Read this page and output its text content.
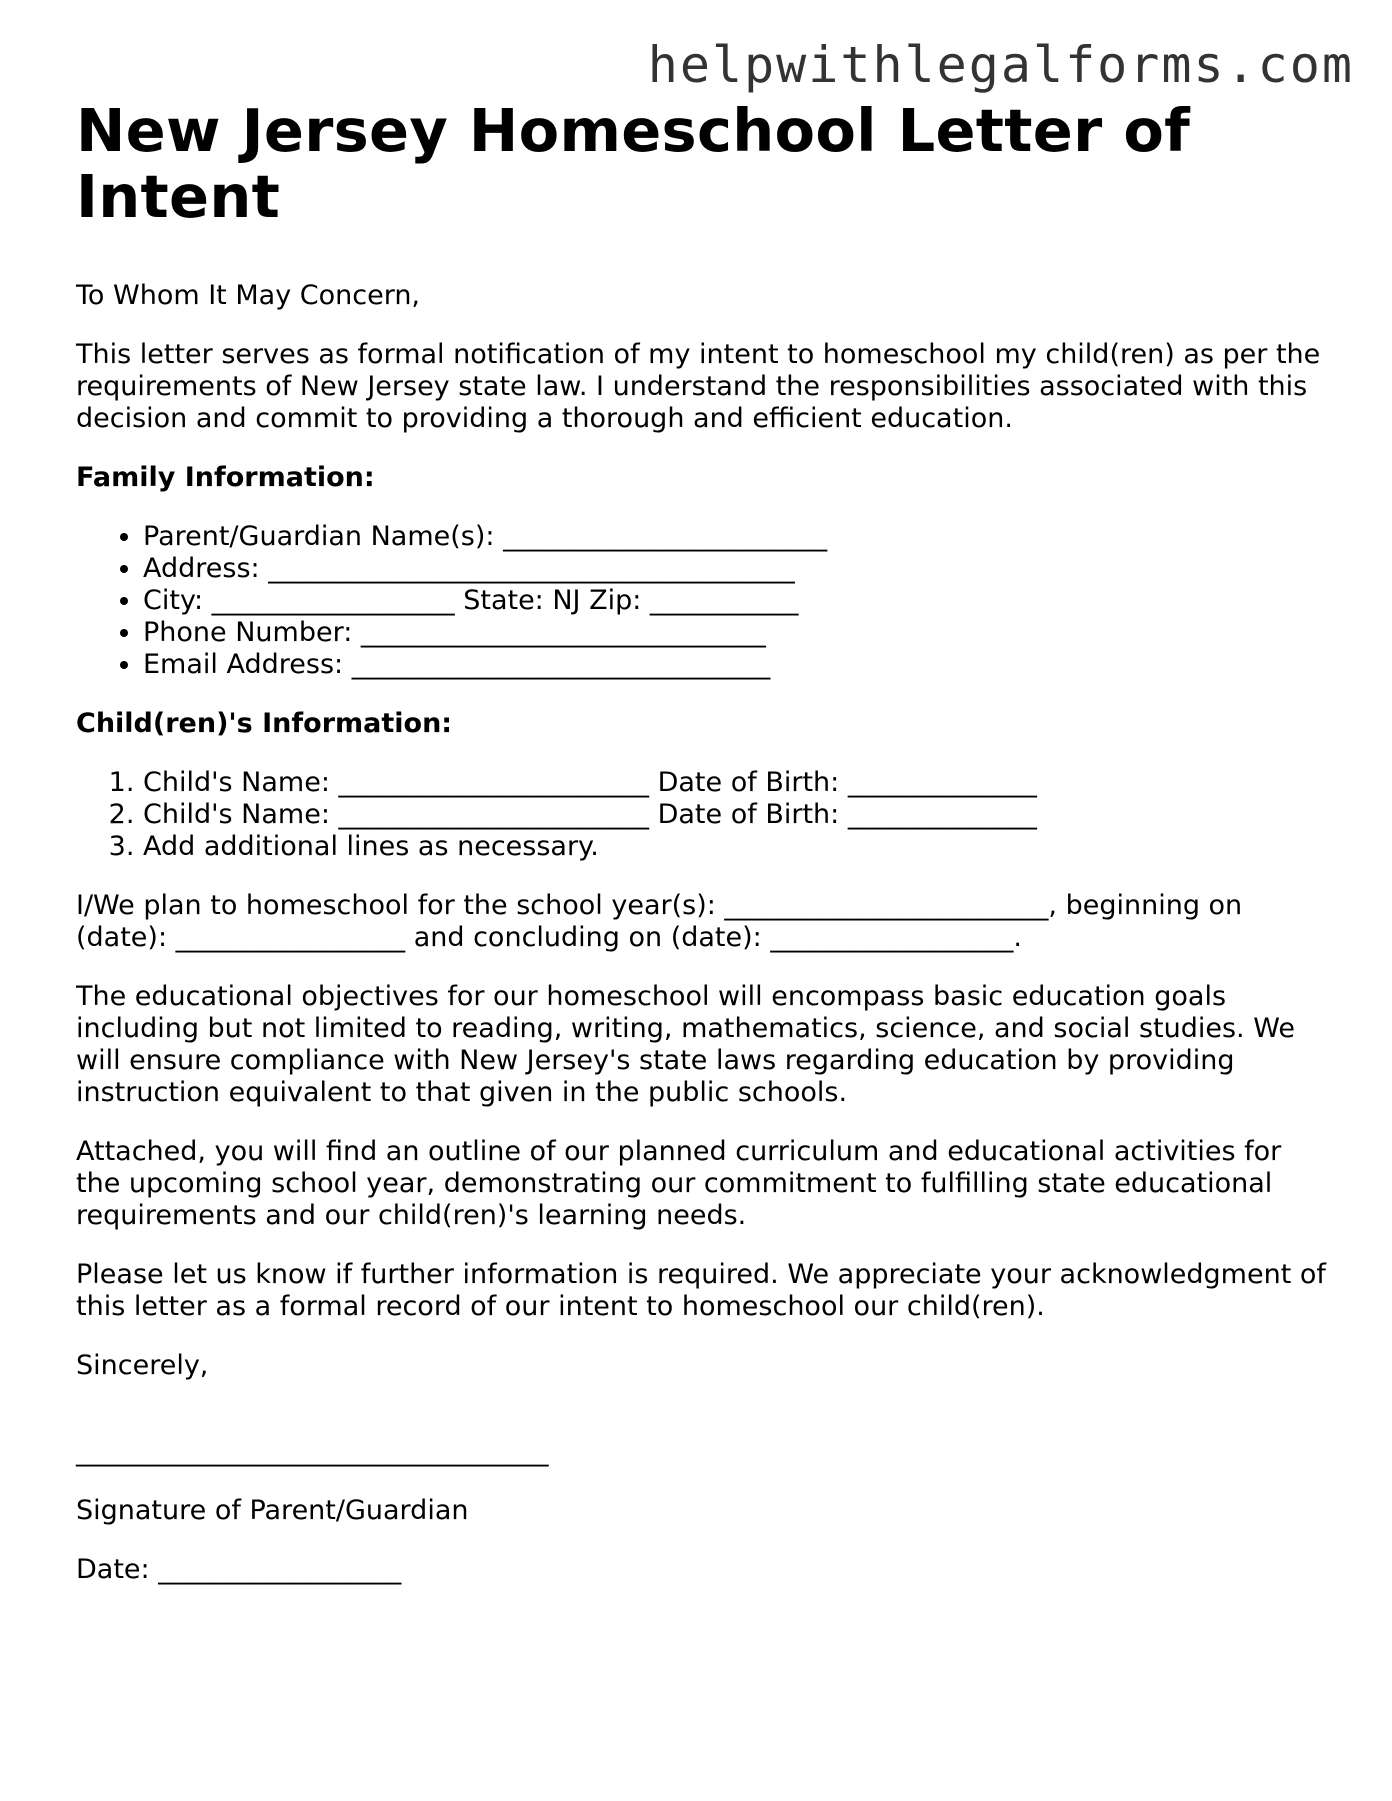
helpwithlegalforms.com
New Jersey Homeschool Letter of Intent

To Whom It May Concern,

This letter serves as formal notification of my intent to homeschool my child(ren) as per the requirements of New Jersey state law. I understand the responsibilities associated with this decision and commit to providing a thorough and efficient education.

Family Information:

• Parent/Guardian Name(s): ________________________
• Address: _______________________________________
• City: __________________ State: NJ Zip: ___________
• Phone Number: ______________________________
• Email Address: _______________________________

Child(ren)'s Information:

1. Child's Name: _______________________ Date of Birth: ______________
2. Child's Name: _______________________ Date of Birth: ______________
3. Add additional lines as necessary.

I/We plan to homeschool for the school year(s): ________________________, beginning on (date): _________________ and concluding on (date): __________________.

The educational objectives for our homeschool will encompass basic education goals including but not limited to reading, writing, mathematics, science, and social studies. We will ensure compliance with New Jersey's state laws regarding education by providing instruction equivalent to that given in the public schools.

Attached, you will find an outline of our planned curriculum and educational activities for the upcoming school year, demonstrating our commitment to fulfilling state educational requirements and our child(ren)'s learning needs.

Please let us know if further information is required. We appreciate your acknowledgment of this letter as a formal record of our intent to homeschool our child(ren).

Sincerely,

___________________________________

Signature of Parent/Guardian

Date: __________________
